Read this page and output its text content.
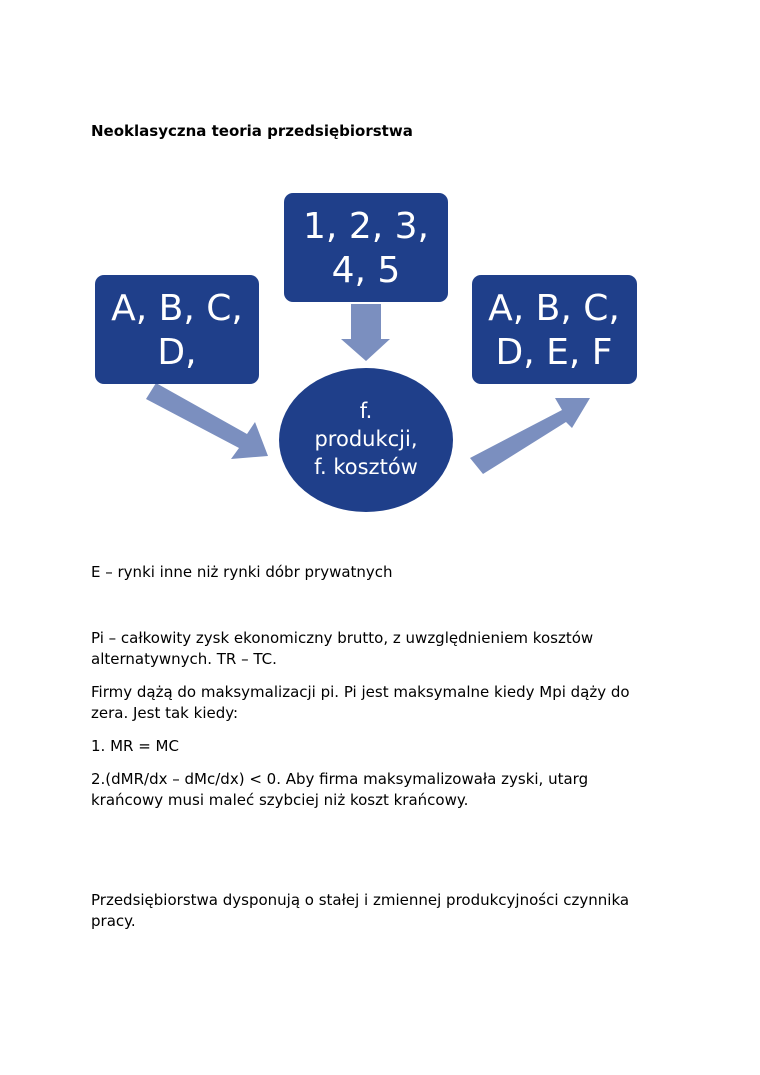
Neoklasyczna teoria przedsiębiorstwa
A, B, C,
D,
1, 2, 3,
4, 5
A, B, C,
D, E, F
f.
produkcji,
f. kosztów

E – rynki inne niż rynki dóbr prywatnych

Pi – całkowity zysk ekonomiczny brutto, z uwzględnieniem kosztów alternatywnych. TR – TC.

Firmy dążą do maksymalizacji pi. Pi jest maksymalne kiedy Mpi dąży do zera. Jest tak kiedy:

1. MR = MC

2.(dMR/dx – dMc/dx) < 0. Aby firma maksymalizowała zyski, utarg krańcowy musi maleć szybciej niż koszt krańcowy.

Przedsiębiorstwa dysponują o stałej i zmiennej produkcyjności czynnika pracy.
